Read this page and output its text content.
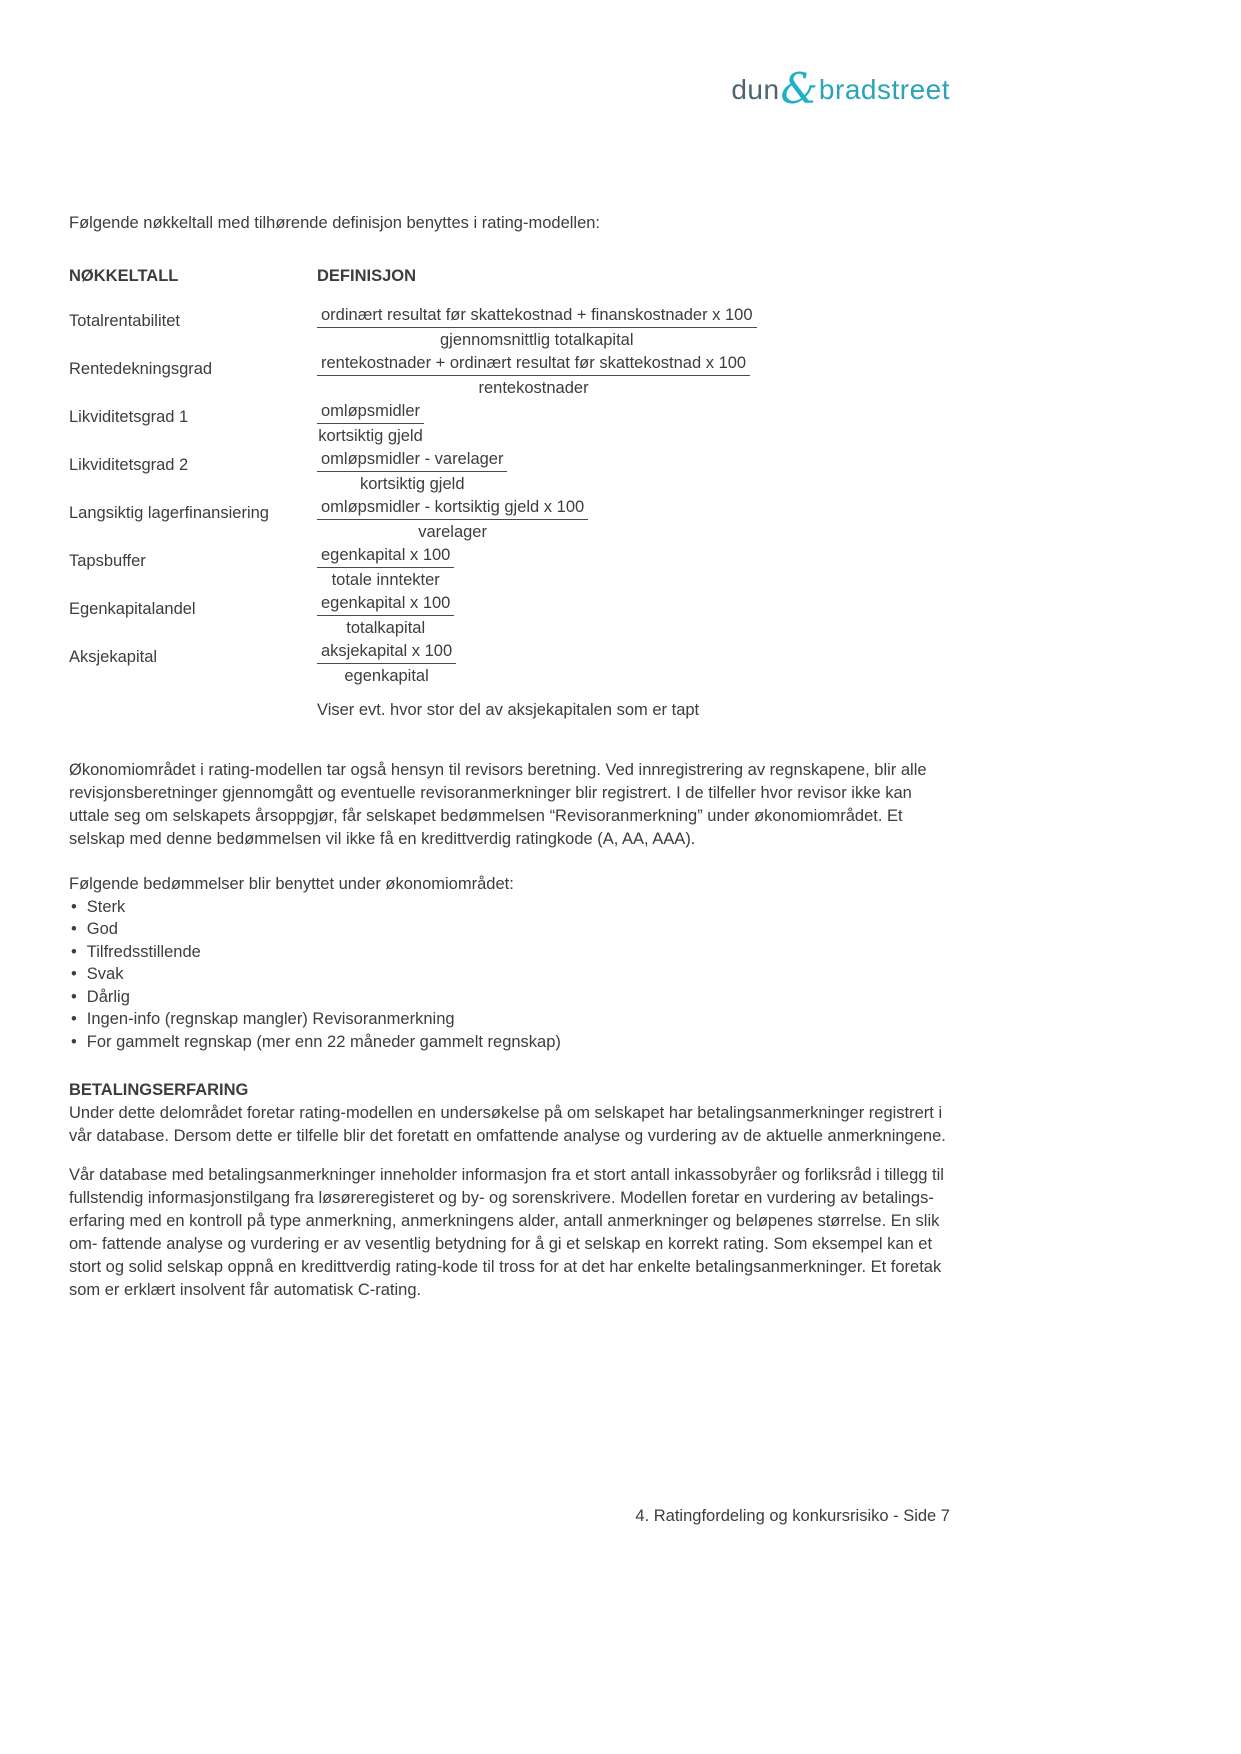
dun & bradstreet
Følgende nøkkeltall med tilhørende definisjon benyttes i rating-modellen:
NØKKELTALL	DEFINISJON
Totalrentabilitet	$\frac{\text{ordinært resultat før skattekostnad + finanskostnader x 100}}{\text{gjennomsnittlig totalkapital}}$
Rentedekningsgrad	$\frac{\text{rentekostnader + ordinært resultat før skattekostnad x 100}}{\text{rentekostnader}}$
Likviditetsgrad 1	$\frac{\text{omløpsmidler}}{\text{kortsiktig gjeld}}$
Likviditetsgrad 2	$\frac{\text{omløpsmidler - varelager}}{\text{kortsiktig gjeld}}$
Langsiktig lagerfinansiering	$\frac{\text{omløpsmidler - kortsiktig gjeld x 100}}{\text{varelager}}$
Tapsbuffer	$\frac{\text{egenkapital x 100}}{\text{totale inntekter}}$
Egenkapitalandel	$\frac{\text{egenkapital x 100}}{\text{totalkapital}}$
Aksjekapital	$\frac{\text{aksjekapital x 100}}{\text{egenkapital}}$
Viser evt. hvor stor del av aksjekapitalen som er tapt
Økonomiområdet i rating-modellen tar også hensyn til revisors beretning. Ved innregistrering av regnskapene, blir alle revisjonsberetninger gjennomgått og eventuelle revisoranmerkninger blir registrert. I de tilfeller hvor revisor ikke kan uttale seg om selskapets årsoppgjør, får selskapet bedømmelsen “Revisoranmerkning” under økonomiområdet. Et selskap med denne bedømmelsen vil ikke få en kredittverdig ratingkode (A, AA, AAA).
Følgende bedømmelser blir benyttet under økonomiområdet:
• Sterk
• God
• Tilfredsstillende
• Svak
• Dårlig
• Ingen-info (regnskap mangler) Revisoranmerkning
• For gammelt regnskap (mer enn 22 måneder gammelt regnskap)
BETALINGSERFARING
Under dette delområdet foretar rating-modellen en undersøkelse på om selskapet har betalingsanmerkninger registrert i vår database. Dersom dette er tilfelle blir det foretatt en omfattende analyse og vurdering av de aktuelle anmerkningene.
Vår database med betalingsanmerkninger inneholder informasjon fra et stort antall inkassobyråer og forliksråd i tillegg til fullstendig informasjonstilgang fra løsøreregisteret og by- og sorenskrivere. Modellen foretar en vurdering av betalings- erfaring med en kontroll på type anmerkning, anmerkningens alder, antall anmerkninger og beløpenes størrelse. En slik om- fattende analyse og vurdering er av vesentlig betydning for å gi et selskap en korrekt rating. Som eksempel kan et stort og solid selskap oppnå en kredittverdig rating-kode til tross for at det har enkelte betalingsanmerkninger. Et foretak som er erklært insolvent får automatisk C-rating.
4. Ratingfordeling og konkursrisiko - Side 7
